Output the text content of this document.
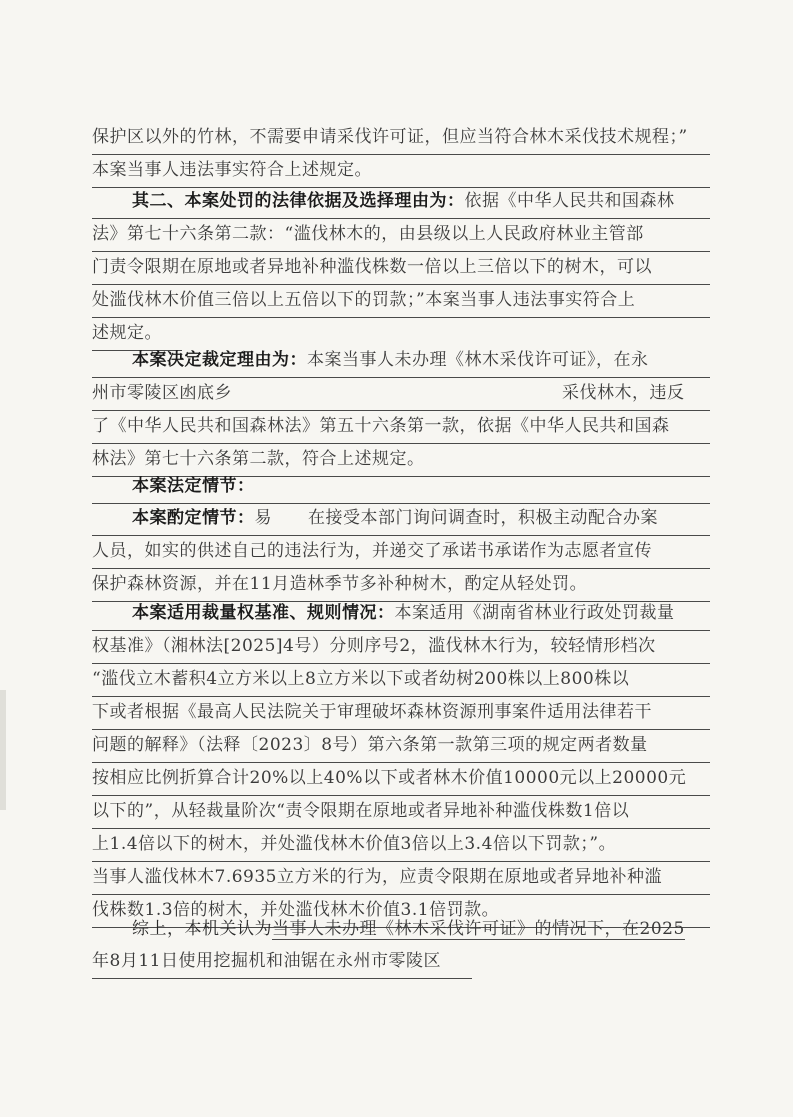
保护区以外的竹林，不需要申请采伐许可证，但应当符合林木采伐技术规程；”
本案当事人违法事实符合上述规定。
其二、本案处罚的法律依据及选择理由为：依据《中华人民共和国森林
法》第七十六条第二款：“滥伐林木的，由县级以上人民政府林业主管部
门责令限期在原地或者异地补种滥伐株数一倍以上三倍以下的树木，可以
处滥伐林木价值三倍以上五倍以下的罚款；”本案当事人违法事实符合上
述规定。
本案决定裁定理由为：本案当事人未办理《林木采伐许可证》，在永
州市零陵区凼底乡	采伐林木，违反
了《中华人民共和国森林法》第五十六条第一款，依据《中华人民共和国森
林法》第七十六条第二款，符合上述规定。
本案法定情节：
本案酌定情节：易 在接受本部门询问调查时，积极主动配合办案
人员，如实的供述自己的违法行为，并递交了承诺书承诺作为志愿者宣传
保护森林资源，并在11月造林季节多补种树木，酌定从轻处罚。
本案适用裁量权基准、规则情况：本案适用《湖南省林业行政处罚裁量
权基准》（湘林法[2025]4号）分则序号2，滥伐林木行为，较轻情形档次
“滥伐立木蓄积4立方米以上8立方米以下或者幼树200株以上800株以
下或者根据《最高人民法院关于审理破坏森林资源刑事案件适用法律若干
问题的解释》（法释〔2023〕8号）第六条第一款第三项的规定两者数量
按相应比例折算合计20%以上40%以下或者林木价值10000元以上20000元
以下的”，从轻裁量阶次“责令限期在原地或者异地补种滥伐株数1倍以
上1.4倍以下的树木，并处滥伐林木价值3倍以上3.4倍以下罚款；”。
当事人滥伐林木7.6935立方米的行为，应责令限期在原地或者异地补种滥
伐株数1.3倍的树木，并处滥伐林木价值3.1倍罚款。
综上，本机关认为当事人未办理《林木采伐许可证》的情况下，在2025
年8月11日使用挖掘机和油锯在永州市零陵区
